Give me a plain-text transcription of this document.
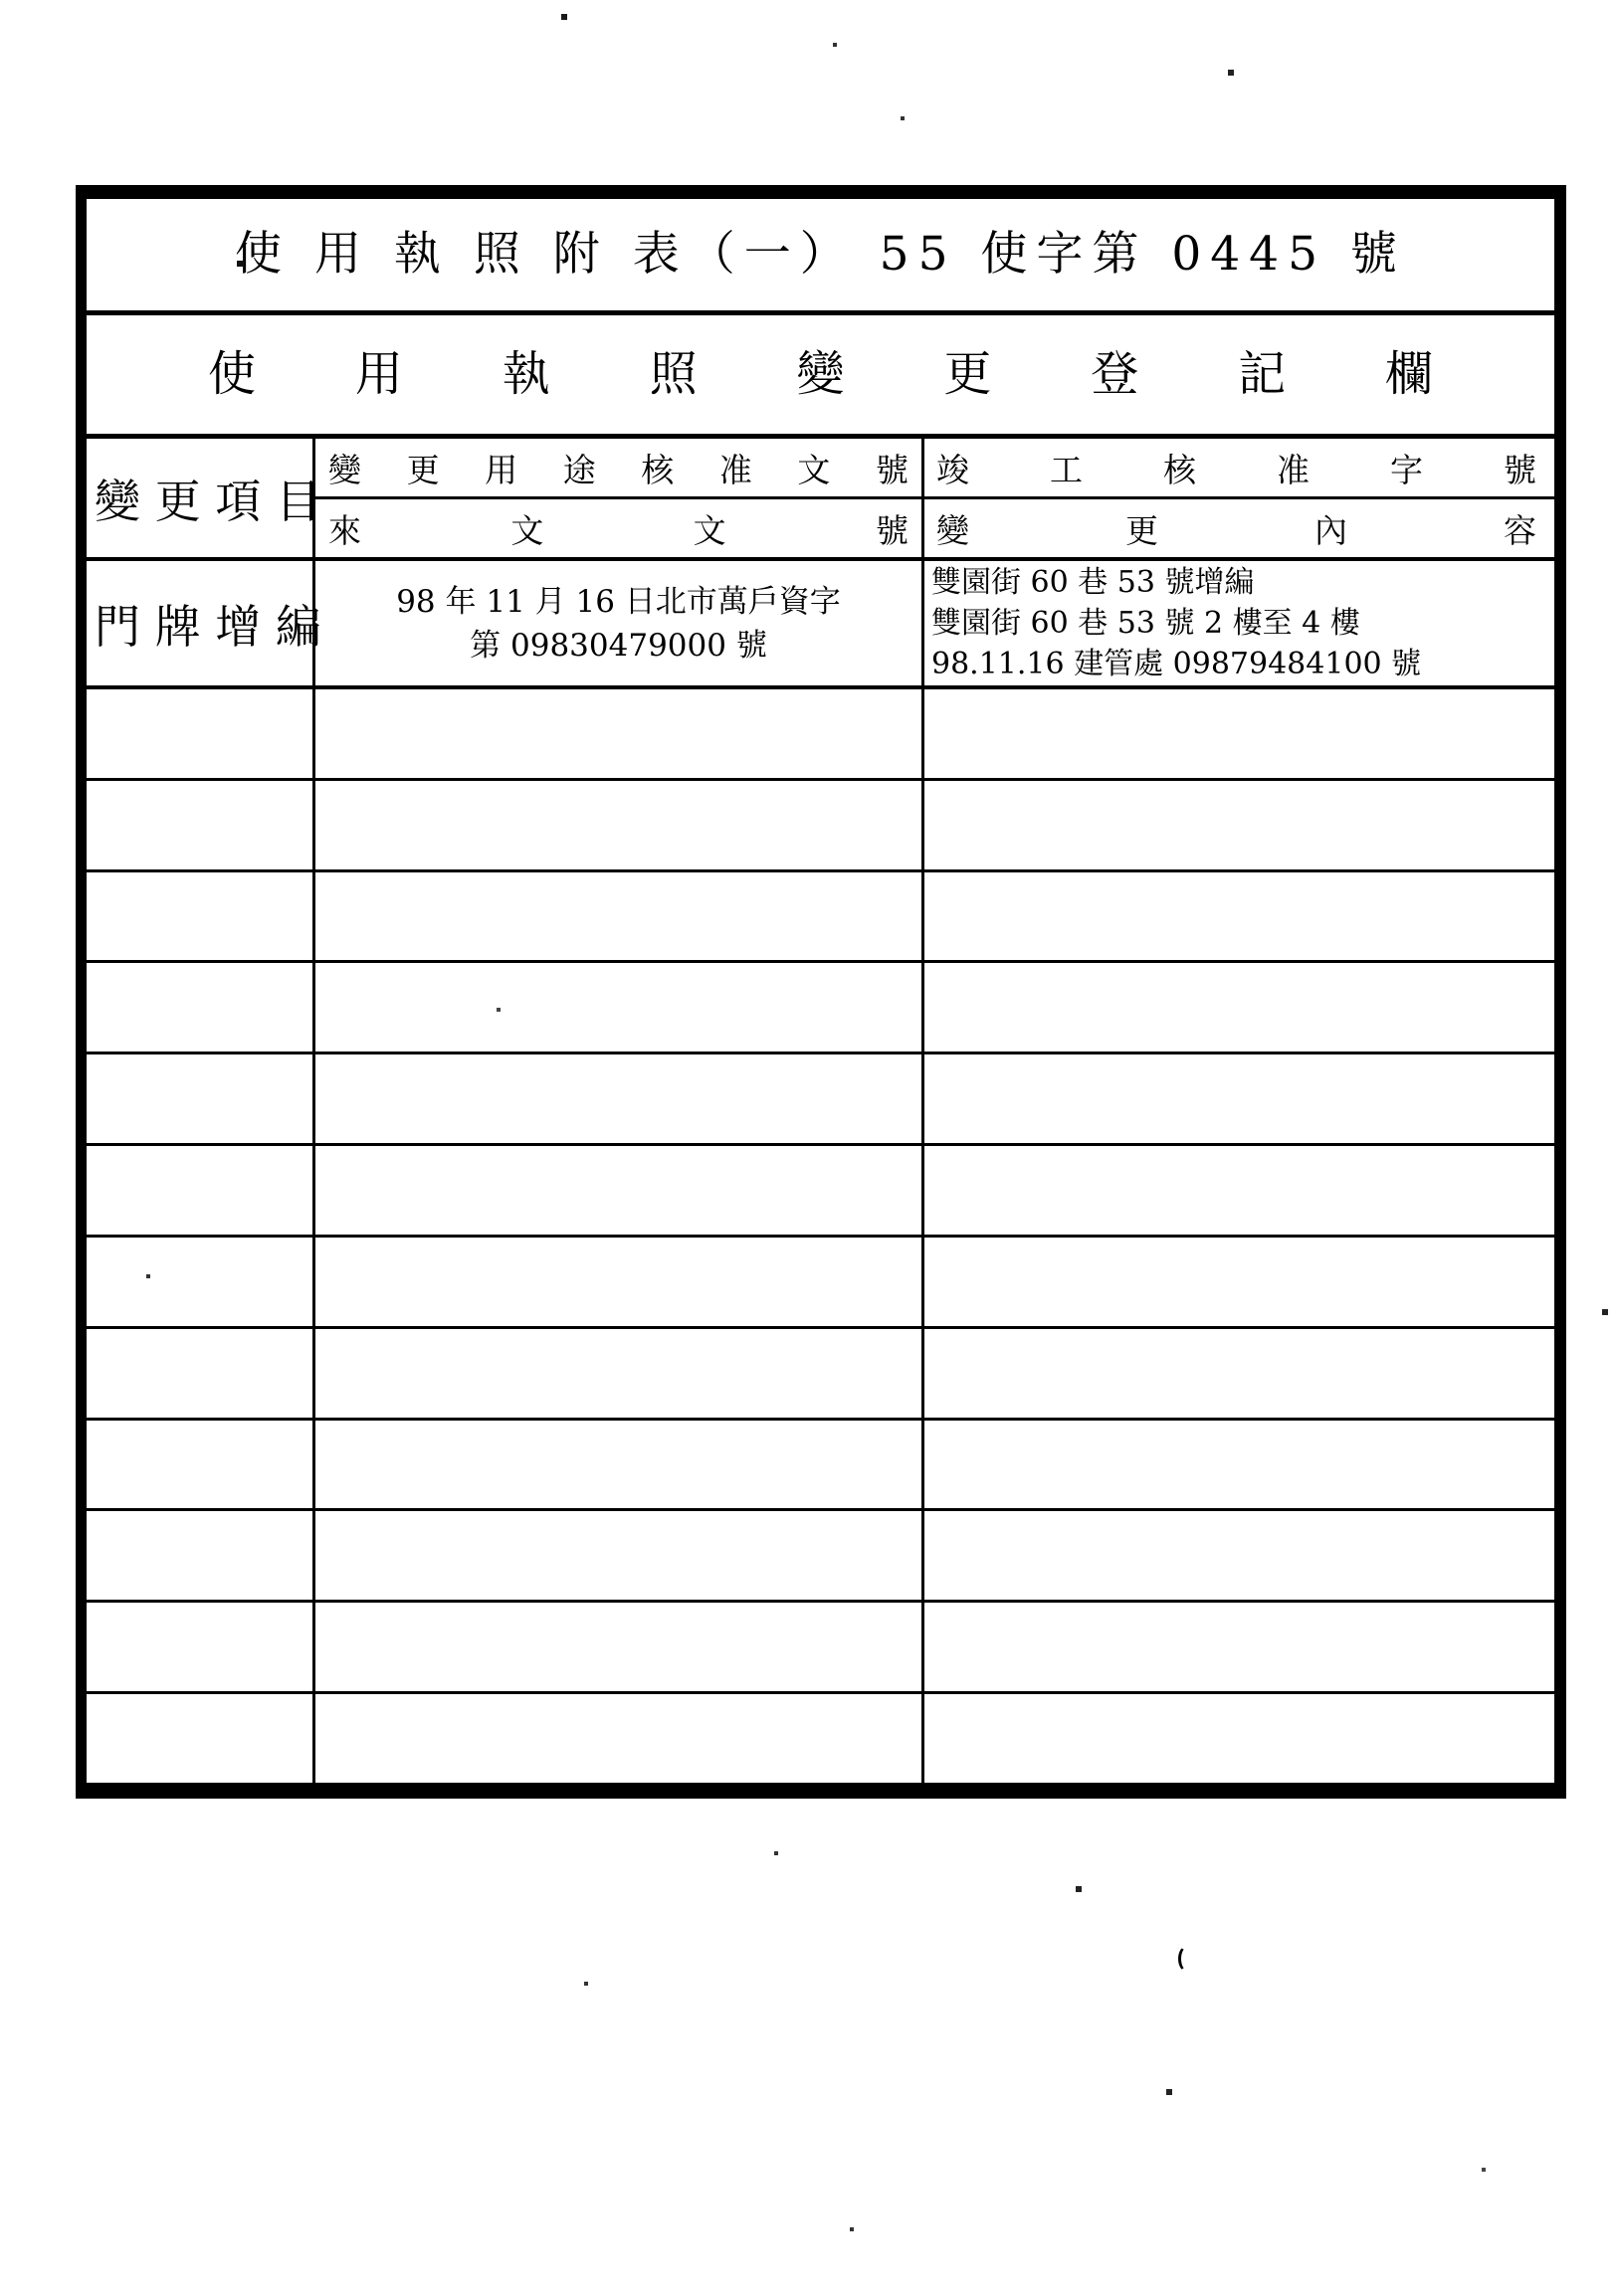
使 用 執 照 附 表（一） 55 使字第 0445 號
使 用 執 照 變 更 登 記 欄
變 更 項 目
變 更 用 途 核 准 文 號
來 文 文 號
竣 工 核 准 字 號
變 更 內 容
門 牌 增 編	98 年 11 月 16 日北市萬戶資字
第 09830479000 號
雙園街 60 巷 53 號增編
雙園街 60 巷 53 號 2 樓至 4 樓
98.11.16 建管處 09879484100 號
